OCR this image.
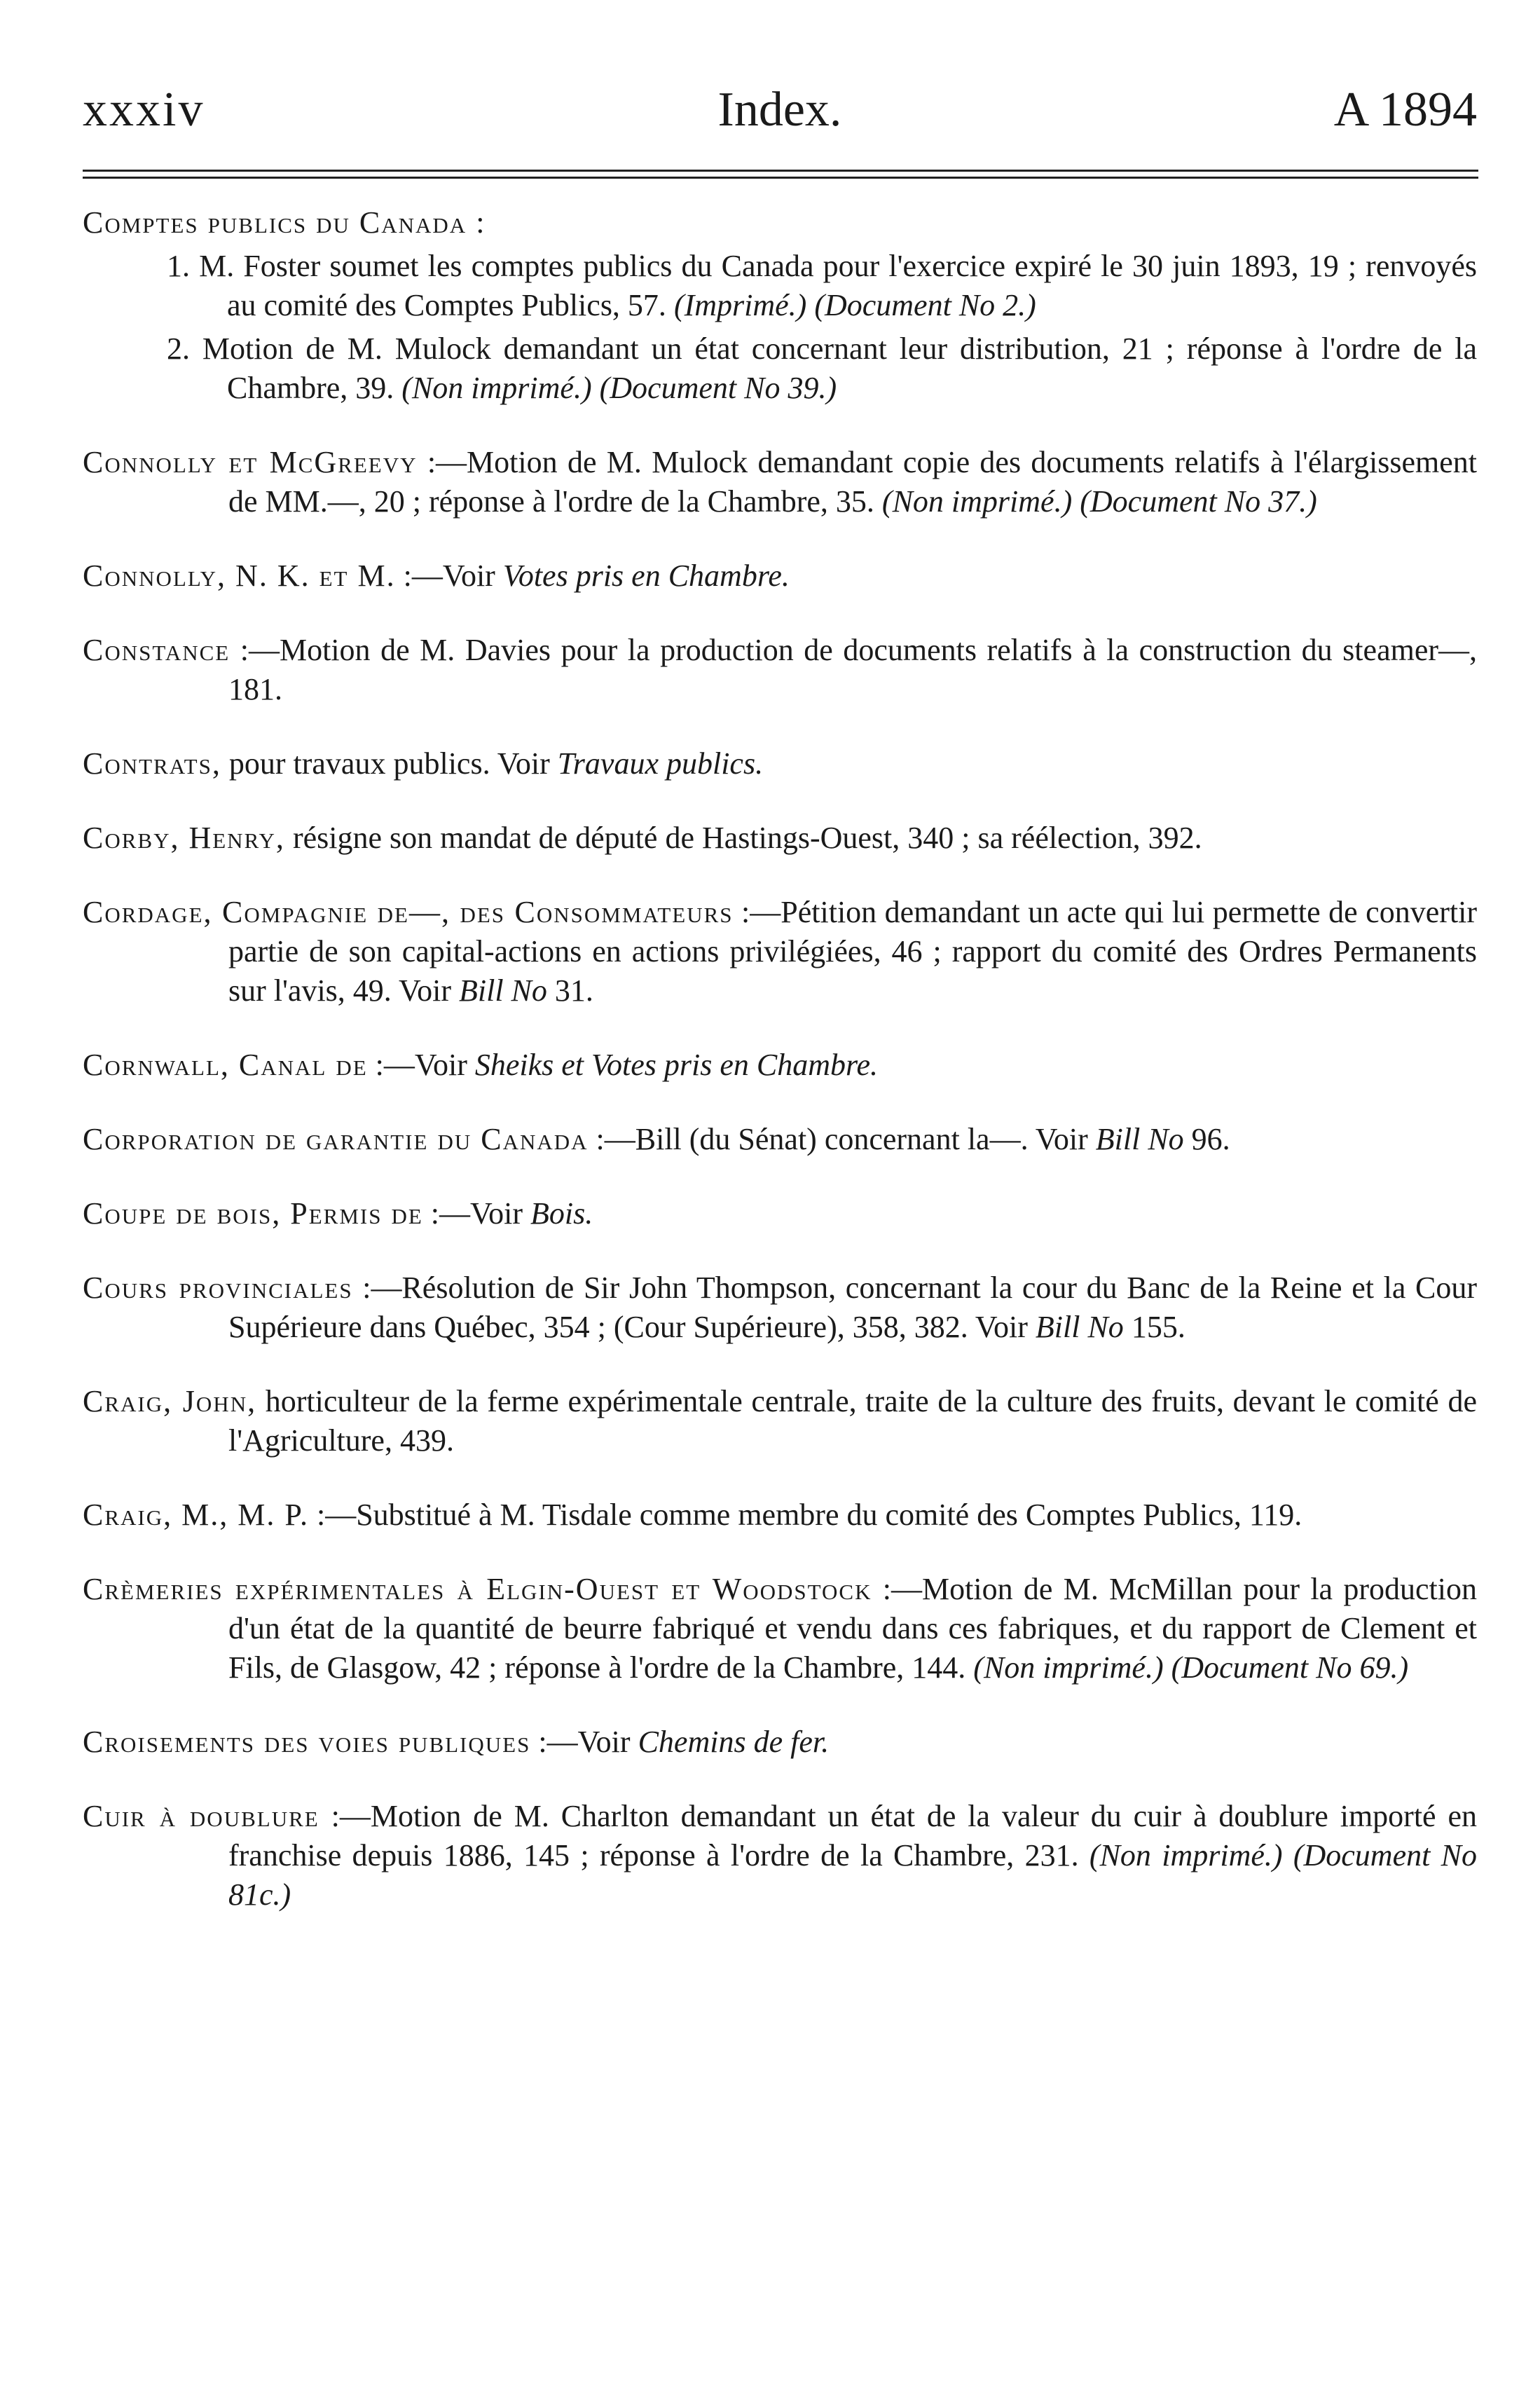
xxxiv	Index.	A 1894
Comptes publics du Canada :
1. M. Foster soumet les comptes publics du Canada pour l'exercice expiré le 30 juin 1893, 19 ; renvoyés au comité des Comptes Publics, 57. (Imprimé.) (Document No 2.)
2. Motion de M. Mulock demandant un état concernant leur distribution, 21 ; réponse à l'ordre de la Chambre, 39. (Non imprimé.) (Document No 39.)
Connolly et McGreevy :—Motion de M. Mulock demandant copie des documents relatifs à l'élargissement de MM.—, 20 ; réponse à l'ordre de la Chambre, 35. (Non imprimé.) (Document No 37.)
Connolly, N. K. et M. :—Voir Votes pris en Chambre.
Constance :—Motion de M. Davies pour la production de documents relatifs à la construction du steamer—, 181.
Contrats, pour travaux publics. Voir Travaux publics.
Corby, Henry, résigne son mandat de député de Hastings-Ouest, 340 ; sa réélection, 392.
Cordage, Compagnie de—, des Consommateurs :—Pétition demandant un acte qui lui permette de convertir partie de son capital-actions en actions privilégiées, 46 ; rapport du comité des Ordres Permanents sur l'avis, 49. Voir Bill No 31.
Cornwall, Canal de :—Voir Sheiks et Votes pris en Chambre.
Corporation de garantie du Canada :—Bill (du Sénat) concernant la—. Voir Bill No 96.
Coupe de bois, Permis de :—Voir Bois.
Cours provinciales :—Résolution de Sir John Thompson, concernant la cour du Banc de la Reine et la Cour Supérieure dans Québec, 354 ; (Cour Supérieure), 358, 382. Voir Bill No 155.
Craig, John, horticulteur de la ferme expérimentale centrale, traite de la culture des fruits, devant le comité de l'Agriculture, 439.
Craig, M., M. P. :—Substitué à M. Tisdale comme membre du comité des Comptes Publics, 119.
Crèmeries expérimentales à Elgin-Ouest et Woodstock :—Motion de M. McMillan pour la production d'un état de la quantité de beurre fabriqué et vendu dans ces fabriques, et du rapport de Clement et Fils, de Glasgow, 42 ; réponse à l'ordre de la Chambre, 144. (Non imprimé.) (Document No 69.)
Croisements des voies publiques :—Voir Chemins de fer.
Cuir à doublure :—Motion de M. Charlton demandant un état de la valeur du cuir à doublure importé en franchise depuis 1886, 145 ; réponse à l'ordre de la Chambre, 231. (Non imprimé.) (Document No 81c.)
